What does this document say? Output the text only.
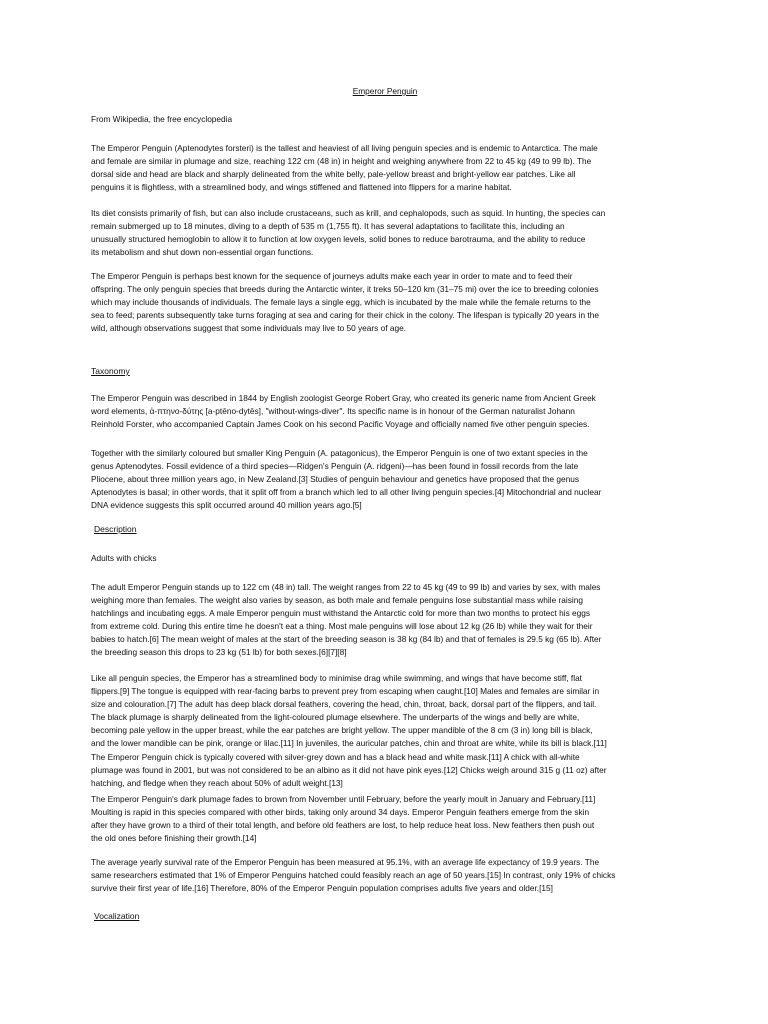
Emperor Penguin
From Wikipedia, the free encyclopedia
The Emperor Penguin (Aptenodytes forsteri) is the tallest and heaviest of all living penguin species and is endemic to Antarctica. The male
and female are similar in plumage and size, reaching 122 cm (48 in) in height and weighing anywhere from 22 to 45 kg (49 to 99 lb). The
dorsal side and head are black and sharply delineated from the white belly, pale-yellow breast and bright-yellow ear patches. Like all
penguins it is flightless, with a streamlined body, and wings stiffened and flattened into flippers for a marine habitat.
Its diet consists primarily of fish, but can also include crustaceans, such as krill, and cephalopods, such as squid. In hunting, the species can
remain submerged up to 18 minutes, diving to a depth of 535 m (1,755 ft). It has several adaptations to facilitate this, including an
unusually structured hemoglobin to allow it to function at low oxygen levels, solid bones to reduce barotrauma, and the ability to reduce
its metabolism and shut down non-essential organ functions.
The Emperor Penguin is perhaps best known for the sequence of journeys adults make each year in order to mate and to feed their
offspring. The only penguin species that breeds during the Antarctic winter, it treks 50–120 km (31–75 mi) over the ice to breeding colonies
which may include thousands of individuals. The female lays a single egg, which is incubated by the male while the female returns to the
sea to feed; parents subsequently take turns foraging at sea and caring for their chick in the colony. The lifespan is typically 20 years in the
wild, although observations suggest that some individuals may live to 50 years of age.
Taxonomy
The Emperor Penguin was described in 1844 by English zoologist George Robert Gray, who created its generic name from Ancient Greek
word elements, ἀ-πτηνο-δύτης [a-ptēno-dytēs], "without-wings-diver". Its specific name is in honour of the German naturalist Johann
Reinhold Forster, who accompanied Captain James Cook on his second Pacific Voyage and officially named five other penguin species.
Together with the similarly coloured but smaller King Penguin (A. patagonicus), the Emperor Penguin is one of two extant species in the
genus Aptenodytes. Fossil evidence of a third species—Ridgen's Penguin (A. ridgeni)—has been found in fossil records from the late
Pliocene, about three million years ago, in New Zealand.[3] Studies of penguin behaviour and genetics have proposed that the genus
Aptenodytes is basal; in other words, that it split off from a branch which led to all other living penguin species.[4] Mitochondrial and nuclear
DNA evidence suggests this split occurred around 40 million years ago.[5]
Description
Adults with chicks
The adult Emperor Penguin stands up to 122 cm (48 in) tall. The weight ranges from 22 to 45 kg (49 to 99 lb) and varies by sex, with males
weighing more than females. The weight also varies by season, as both male and female penguins lose substantial mass while raising
hatchlings and incubating eggs. A male Emperor penguin must withstand the Antarctic cold for more than two months to protect his eggs
from extreme cold. During this entire time he doesn't eat a thing. Most male penguins will lose about 12 kg (26 lb) while they wait for their
babies to hatch.[6] The mean weight of males at the start of the breeding season is 38 kg (84 lb) and that of females is 29.5 kg (65 lb). After
the breeding season this drops to 23 kg (51 lb) for both sexes.[6][7][8]
Like all penguin species, the Emperor has a streamlined body to minimise drag while swimming, and wings that have become stiff, flat
flippers.[9] The tongue is equipped with rear-facing barbs to prevent prey from escaping when caught.[10] Males and females are similar in
size and colouration.[7] The adult has deep black dorsal feathers, covering the head, chin, throat, back, dorsal part of the flippers, and tail.
The black plumage is sharply delineated from the light-coloured plumage elsewhere. The underparts of the wings and belly are white,
becoming pale yellow in the upper breast, while the ear patches are bright yellow. The upper mandible of the 8 cm (3 in) long bill is black,
and the lower mandible can be pink, orange or lilac.[11] In juveniles, the auricular patches, chin and throat are white, while its bill is black.[11]
The Emperor Penguin chick is typically covered with silver-grey down and has a black head and white mask.[11] A chick with all-white
plumage was found in 2001, but was not considered to be an albino as it did not have pink eyes.[12] Chicks weigh around 315 g (11 oz) after
hatching, and fledge when they reach about 50% of adult weight.[13]
The Emperor Penguin's dark plumage fades to brown from November until February, before the yearly moult in January and February.[11]
Moulting is rapid in this species compared with other birds, taking only around 34 days. Emperor Penguin feathers emerge from the skin
after they have grown to a third of their total length, and before old feathers are lost, to help reduce heat loss. New feathers then push out
the old ones before finishing their growth.[14]
The average yearly survival rate of the Emperor Penguin has been measured at 95.1%, with an average life expectancy of 19.9 years. The
same researchers estimated that 1% of Emperor Penguins hatched could feasibly reach an age of 50 years.[15] In contrast, only 19% of chicks
survive their first year of life.[16] Therefore, 80% of the Emperor Penguin population comprises adults five years and older.[15]
Vocalization
